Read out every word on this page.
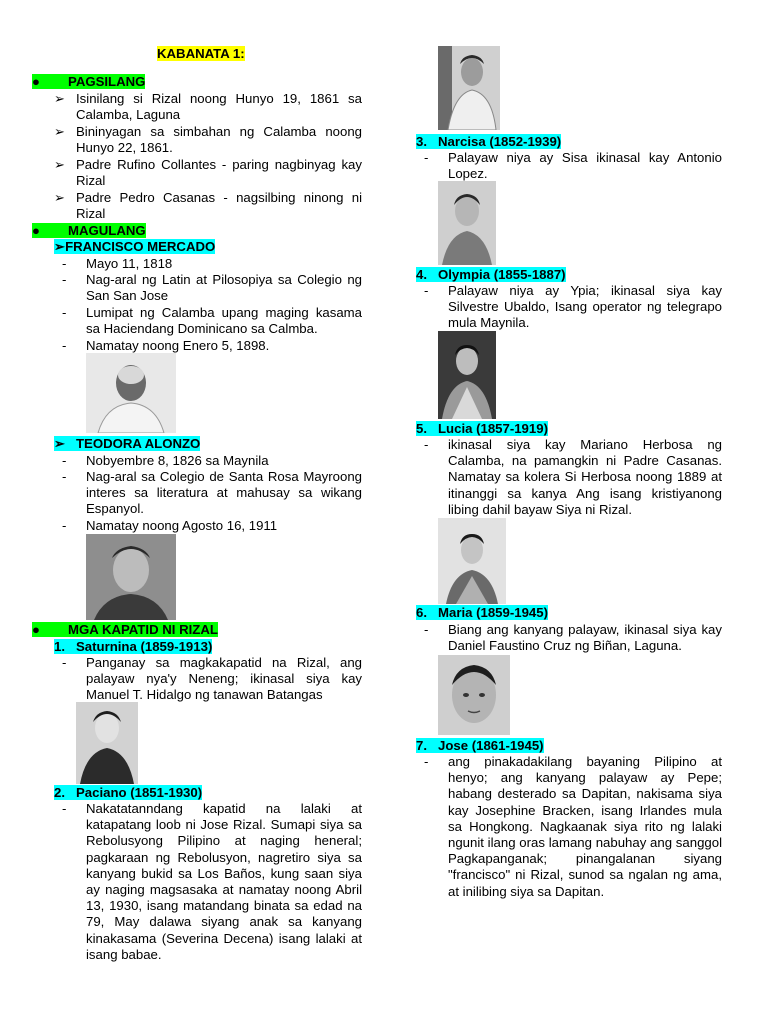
KABANATA 1:
● PAGSILANG
➢ Isinilang si Rizal noong Hunyo 19, 1861 sa Calamba, Laguna
➢ Bininyagan sa simbahan ng Calamba noong Hunyo 22, 1861.
➢ Padre Rufino Collantes - paring nagbinyag kay Rizal
➢ Padre Pedro Casanas - nagsilbing ninong ni Rizal
● MAGULANG
➢FRANCISCO MERCADO
- Mayo 11, 1818
- Nag-aral ng Latin at Pilosopiya sa Colegio ng San San Jose
- Lumipat ng Calamba upang maging kasama sa Haciendang Dominicano sa Calmba.
- Namatay noong Enero 5, 1898.
➢ TEODORA ALONZO
- Nobyembre 8, 1826 sa Maynila
- Nag-aral sa Colegio de Santa Rosa Mayroong interes sa literatura at mahusay sa wikang Espanyol.
- Namatay noong Agosto 16, 1911
● MGA KAPATID NI RIZAL
1. Saturnina (1859-1913)
- Panganay sa magkakapatid na Rizal, ang palayaw nya'y Neneng; ikinasal siya kay Manuel T. Hidalgo ng tanawan Batangas
2. Paciano (1851-1930)
- Nakatatanndang kapatid na lalaki at katapatang loob ni Jose Rizal. Sumapi siya sa Rebolusyong Pilipino at naging heneral; pagkaraan ng Rebolusyon, nagretiro siya sa kanyang bukid sa Los Baños, kung saan siya ay naging magsasaka at namatay noong Abril 13, 1930, isang matandang binata sa edad na 79, May dalawa siyang anak sa kanyang kinakasama (Severina Decena) isang lalaki at isang babae.
3. Narcisa (1852-1939)
- Palayaw niya ay Sisa ikinasal kay Antonio Lopez.
4. Olympia (1855-1887)
- Palayaw niya ay Ypia; ikinasal siya kay Silvestre Ubaldo, Isang operator ng telegrapo mula Maynila.
5. Lucia (1857-1919)
- ikinasal siya kay Mariano Herbosa ng Calamba, na pamangkin ni Padre Casanas. Namatay sa kolera Si Herbosa noong 1889 at itinanggi sa kanya Ang isang kristiyanong libing dahil bayaw Siya ni Rizal.
6. Maria (1859-1945)
- Biang ang kanyang palayaw, ikinasal siya kay Daniel Faustino Cruz ng Biñan, Laguna.
7. Jose (1861-1945)
- ang pinakadakilang bayaning Pilipino at henyo; ang kanyang palayaw ay Pepe; habang desterado sa Dapitan, nakisama siya kay Josephine Bracken, isang Irlandes mula sa Hongkong. Nagkaanak siya rito ng lalaki ngunit ilang oras lamang nabuhay ang sanggol Pagkapanganak; pinangalanan siyang "francisco" ni Rizal, sunod sa ngalan ng ama, at inilibing siya sa Dapitan.
